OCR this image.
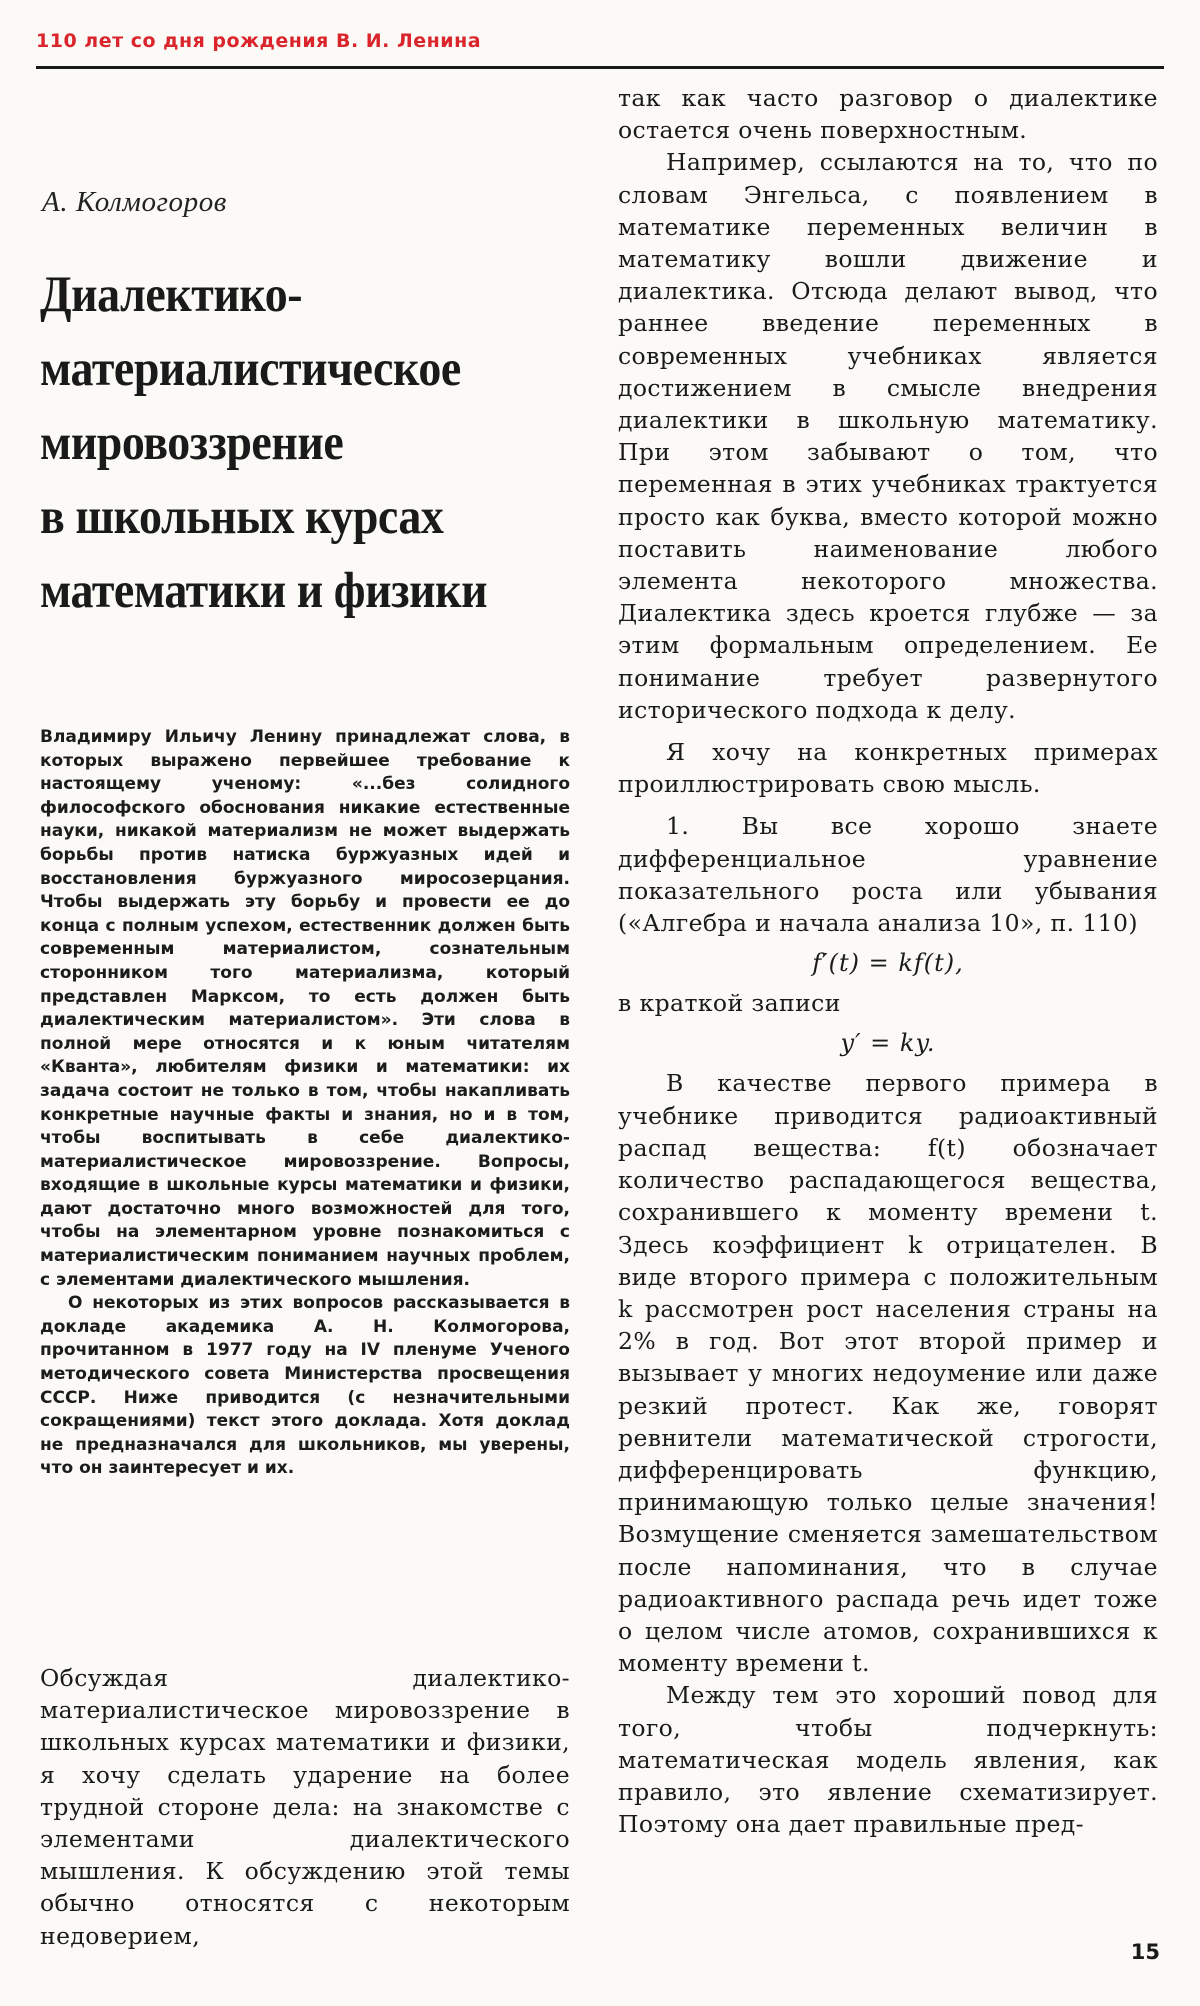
110 лет со дня рождения В. И. Ленина
А. Колмогоров
Диалектико-
материалистическое
мировоззрение
в школьных курсах
математики и физики

Владимиру Ильичу Ленину принадлежат слова, в которых выражено первейшее требование к настоящему ученому: «...без солидного философского обоснования никакие естественные науки, никакой материализм не может выдержать борьбы против натиска буржуазных идей и восстановления буржуазного миросозерцания. Чтобы выдержать эту борьбу и провести ее до конца с полным успехом, естественник должен быть современным материалистом, сознательным сторонником того материализма, который представлен Марксом, то есть должен быть диалектическим материалистом». Эти слова в полной мере относятся и к юным читателям «Кванта», любителям физики и математики: их задача состоит не только в том, чтобы накапливать конкретные научные факты и знания, но и в том, чтобы воспитывать в себе диалектико-материалистическое мировоззрение. Вопросы, входящие в школьные курсы математики и физики, дают достаточно много возможностей для того, чтобы на элементарном уровне познакомиться с материалистическим пониманием научных проблем, с элементами диалектического мышления.

О некоторых из этих вопросов рассказывается в докладе академика А. Н. Колмогорова, прочитанном в 1977 году на IV пленуме Ученого методического совета Министерства просвещения СССР. Ниже приводится (с незначительными сокращениями) текст этого доклада. Хотя доклад не предназначался для школьников, мы уверены, что он заинтересует и их.

Обсуждая диалектико-материалистическое мировоззрение в школьных курсах математики и физики, я хочу сделать ударение на более трудной стороне дела: на знакомстве с элементами диалектического мышления. К обсуждению этой темы обычно относятся с некоторым недоверием,

так как часто разговор о диалектике остается очень поверхностным.

Например, ссылаются на то, что по словам Энгельса, с появлением в математике переменных величин в математику вошли движение и диалектика. Отсюда делают вывод, что раннее введение переменных в современных учебниках является достижением в смысле внедрения диалектики в школьную математику. При этом забывают о том, что переменная в этих учебниках трактуется просто как буква, вместо которой можно поставить наименование любого элемента некоторого множества. Диалектика здесь кроется глубже — за этим формальным определением. Ее понимание требует развернутого исторического подхода к делу.

Я хочу на конкретных примерах проиллюстрировать свою мысль.

1. Вы все хорошо знаете дифференциальное уравнение показательного роста или убывания («Алгебра и начала анализа 10», п. 110)

f′(t) = kf(t),

в краткой записи

y′ = ky.

В качестве первого примера в учебнике приводится радиоактивный распад вещества: f(t) обозначает количество распадающегося вещества, сохранившего к моменту времени t. Здесь коэффициент k отрицателен. В виде второго примера с положительным k рассмотрен рост населения страны на 2% в год. Вот этот второй пример и вызывает у многих недоумение или даже резкий протест. Как же, говорят ревнители математической строгости, дифференцировать функцию, принимающую только целые значения! Возмущение сменяется замешательством после напоминания, что в случае радиоактивного распада речь идет тоже о целом числе атомов, сохранившихся к моменту времени t.

Между тем это хороший повод для того, чтобы подчеркнуть: математическая модель явления, как правило, это явление схематизирует. Поэтому она дает правильные пред-

15
